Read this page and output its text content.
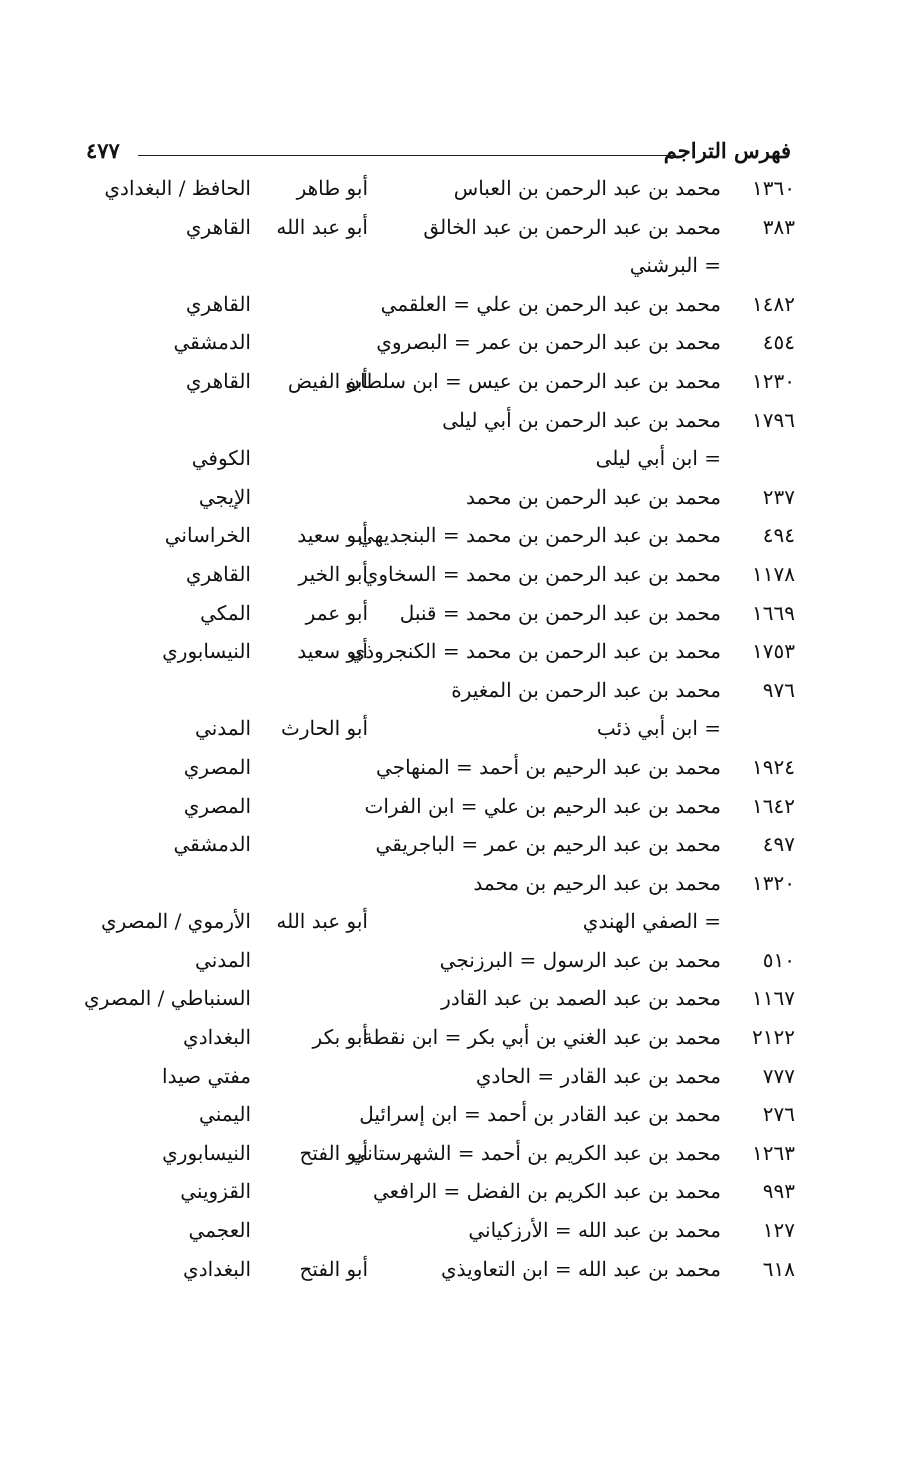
فهرس التراجم
٤٧٧
١٣٦٠
محمد بن عبد الرحمن بن العباس
أبو طاهر
الحافظ / البغدادي
٣٨٣
محمد بن عبد الرحمن بن عبد الخالق
أبو عبد الله
القاهري
= البرشني
١٤٨٢
محمد بن عبد الرحمن بن علي = العلقمي
القاهري
٤٥٤
محمد بن عبد الرحمن بن عمر = البصروي
الدمشقي
١٢٣٠
محمد بن عبد الرحمن بن عيس = ابن سلطان
أبو الفيض
القاهري
١٧٩٦
محمد بن عبد الرحمن بن أبي ليلى
= ابن أبي ليلى
الكوفي
٢٣٧
محمد بن عبد الرحمن بن محمد
الإيجي
٤٩٤
محمد بن عبد الرحمن بن محمد = البنجديهي
أبو سعيد
الخراساني
١١٧٨
محمد بن عبد الرحمن بن محمد = السخاوي
أبو الخير
القاهري
١٦٦٩
محمد بن عبد الرحمن بن محمد = قنبل
أبو عمر
المكي
١٧٥٣
محمد بن عبد الرحمن بن محمد = الكنجروذي
أبو سعيد
النيسابوري
٩٧٦
محمد بن عبد الرحمن بن المغيرة
= ابن أبي ذئب
أبو الحارث
المدني
١٩٢٤
محمد بن عبد الرحيم بن أحمد = المنهاجي
المصري
١٦٤٢
محمد بن عبد الرحيم بن علي = ابن الفرات
المصري
٤٩٧
محمد بن عبد الرحيم بن عمر = الباجريقي
الدمشقي
١٣٢٠
محمد بن عبد الرحيم بن محمد
= الصفي الهندي
أبو عبد الله
الأرموي / المصري
٥١٠
محمد بن عبد الرسول = البرزنجي
المدني
١١٦٧
محمد بن عبد الصمد بن عبد القادر
السنباطي / المصري
٢١٢٢
محمد بن عبد الغني بن أبي بكر = ابن نقطة
أبو بكر
البغدادي
٧٧٧
محمد بن عبد القادر = الحادي
مفتي صيدا
٢٧٦
محمد بن عبد القادر بن أحمد = ابن إسرائيل
اليمني
١٢٦٣
محمد بن عبد الكريم بن أحمد = الشهرستاني
أبو الفتح
النيسابوري
٩٩٣
محمد بن عبد الكريم بن الفضل = الرافعي
القزويني
١٢٧
محمد بن عبد الله = الأرزكياني
العجمي
٦١٨
محمد بن عبد الله = ابن التعاويذي
أبو الفتح
البغدادي
